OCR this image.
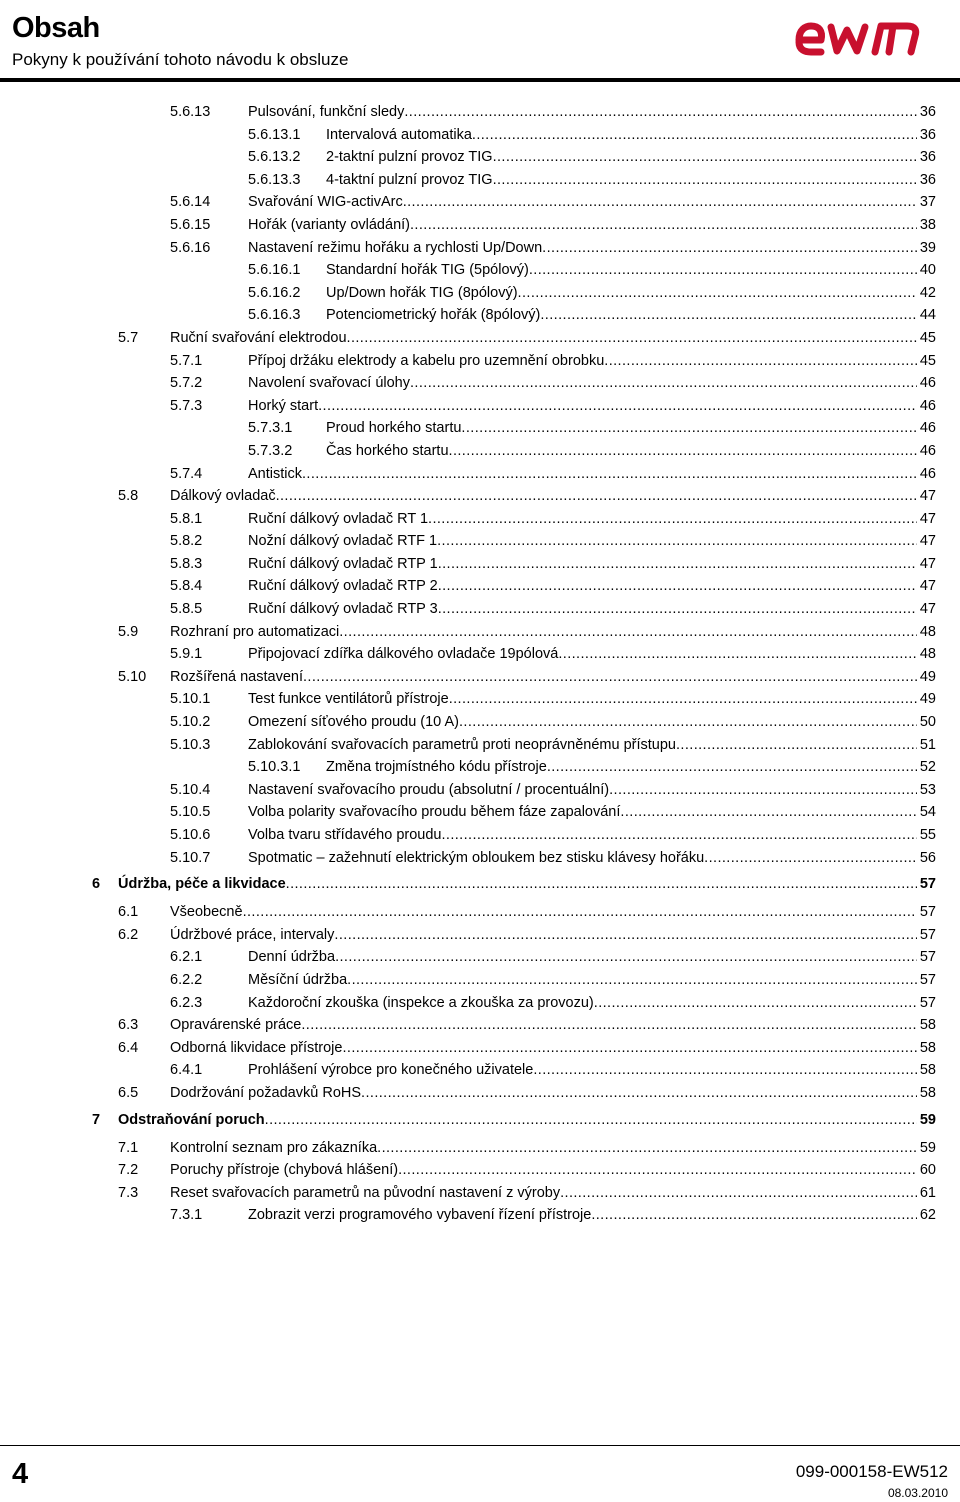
Obsah
Pokyny k používání tohoto návodu k obsluze
5.6.13	Pulsování, funkční sledy .....	36
5.6.13.1 Intervalová automatika .....	36
5.6.13.2 2-taktní pulzní provoz TIG .....	36
5.6.13.3 4-taktní pulzní provoz TIG .....	36
5.6.14	Svařování WIG-activArc .....	37
5.6.15	Hořák (varianty ovládání) .....	38
5.6.16	Nastavení režimu hořáku a rychlosti Up/Down .....	39
5.6.16.1 Standardní hořák TIG (5pólový) .....	40
5.6.16.2 Up/Down hořák TIG (8pólový) .....	42
5.6.16.3 Potenciometrický hořák (8pólový) .....	44
5.7 Ruční svařování elektrodou .....	45
5.7.1	Přípoj držáku elektrody a kabelu pro uzemnění obrobku .....	45
5.7.2	Navolení svařovací úlohy .....	46
5.7.3	Horký start .....	46
5.7.3.1 Proud horkého startu .....	46
5.7.3.2 Čas horkého startu .....	46
5.7.4	Antistick .....	46
5.8 Dálkový ovladač .....	47
5.8.1	Ruční dálkový ovladač RT 1 .....	47
5.8.2	Nožní dálkový ovladač RTF 1 .....	47
5.8.3	Ruční dálkový ovladač RTP 1 .....	47
5.8.4	Ruční dálkový ovladač RTP 2 .....	47
5.8.5	Ruční dálkový ovladač RTP 3 .....	47
5.9 Rozhraní pro automatizaci .....	48
5.9.1	Připojovací zdířka dálkového ovladače 19pólová .....	48
5.10 Rozšířená nastavení .....	49
5.10.1	Test funkce ventilátorů přístroje .....	49
5.10.2	Omezení síťového proudu (10 A) .....	50
5.10.3	Zablokování svařovacích parametrů proti neoprávněnému přístupu .....	51
5.10.3.1 Změna trojmístného kódu přístroje .....	52
5.10.4	Nastavení svařovacího proudu (absolutní / procentuální) .....	53
5.10.5	Volba polarity svařovacího proudu během fáze zapalování .....	54
5.10.6	Volba tvaru střídavého proudu .....	55
5.10.7	Spotmatic – zažehnutí elektrickým obloukem bez stisku klávesy hořáku .....	56
6 Údržba, péče a likvidace .....	57
6.1 Všeobecně .....	57
6.2 Údržbové práce, intervaly .....	57
6.2.1	Denní údržba .....	57
6.2.2	Měsíční údržba .....	57
6.2.3	Každoroční zkouška (inspekce a zkouška za provozu) .....	57
6.3 Opravárenské práce .....	58
6.4 Odborná likvidace přístroje .....	58
6.4.1	Prohlášení výrobce pro konečného uživatele .....	58
6.5 Dodržování požadavků RoHS .....	58
7 Odstraňování poruch .....	59
7.1 Kontrolní seznam pro zákazníka .....	59
7.2 Poruchy přístroje (chybová hlášení) .....	60
7.3 Reset svařovacích parametrů na původní nastavení z výroby .....	61
7.3.1	Zobrazit verzi programového vybavení řízení přístroje .....	62
4	099-000158-EW512
08.03.2010
